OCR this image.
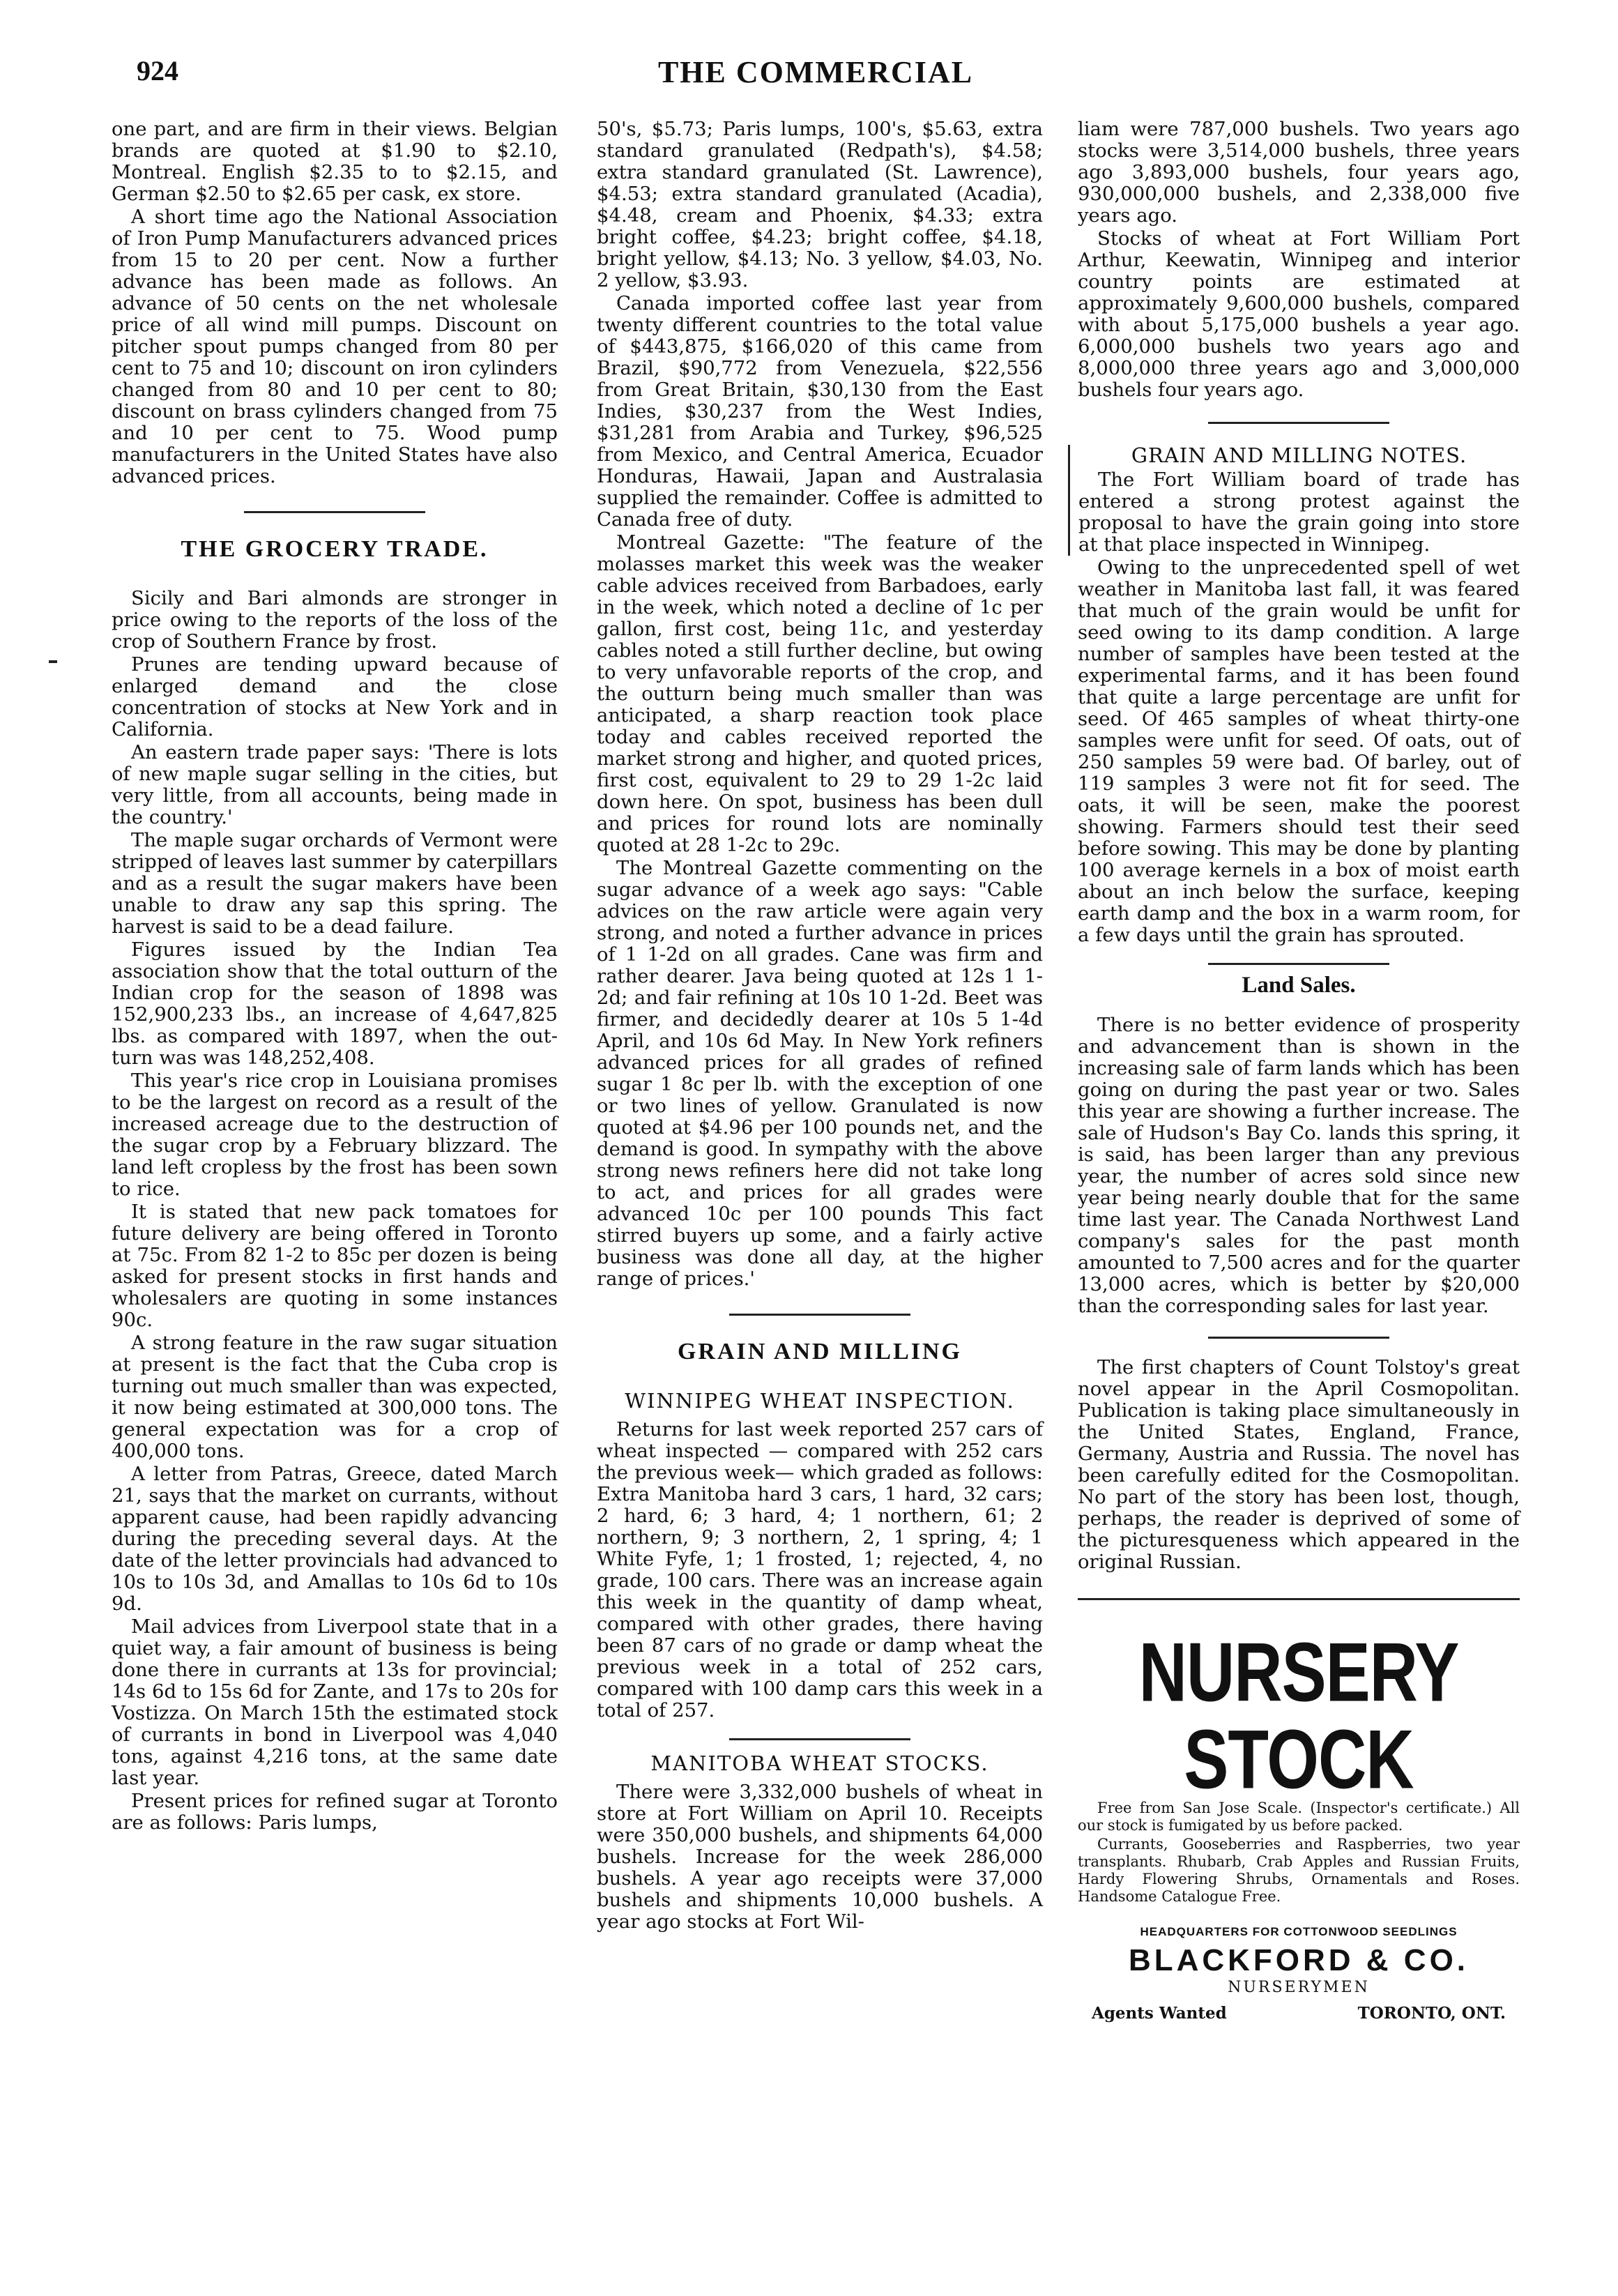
924	THE COMMERCIAL

one part, and are firm in their views. Belgian brands are quoted at $1.90 to $2.10, Montreal. English $2.35 to to $2.15, and German $2.50 to $2.65 per cask, ex store.

A short time ago the National Association of Iron Pump Manufacturers advanced prices from 15 to 20 per cent. Now a further advance has been made as follows. An advance of 50 cents on the net wholesale price of all wind mill pumps. Discount on pitcher spout pumps changed from 80 per cent to 75 and 10; discount on iron cylinders changed from 80 and 10 per cent to 80; discount on brass cylinders changed from 75 and 10 per cent to 75. Wood pump manufacturers in the United States have also advanced prices.

THE GROCERY TRADE.

Sicily and Bari almonds are stronger in price owing to the reports of the loss of the crop of Southern France by frost.

Prunes are tending upward because of enlarged demand and the close concentration of stocks at New York and in California.

An eastern trade paper says: 'There is lots of new maple sugar selling in the cities, but very little, from all accounts, being made in the country.'

The maple sugar orchards of Vermont were stripped of leaves last summer by caterpillars and as a result the sugar makers have been unable to draw any sap this spring. The harvest is said to be a dead failure.

Figures issued by the Indian Tea association show that the total outturn of the Indian crop for the season of 1898 was 152,900,233 lbs., an increase of 4,647,825 lbs. as compared with 1897, when the out-turn was was 148,252,408.

This year's rice crop in Louisiana promises to be the largest on record as a result of the increased acreage due to the destruction of the sugar crop by a February blizzard. The land left cropless by the frost has been sown to rice.

It is stated that new pack tomatoes for future delivery are being offered in Toronto at 75c. From 82 1-2 to 85c per dozen is being asked for present stocks in first hands and wholesalers are quoting in some instances 90c.

A strong feature in the raw sugar situation at present is the fact that the Cuba crop is turning out much smaller than was expected, it now being estimated at 300,000 tons. The general expectation was for a crop of 400,000 tons.

A letter from Patras, Greece, dated March 21, says that the market on currants, without apparent cause, had been rapidly advancing during the preceding several days. At the date of the letter provincials had advanced to 10s to 10s 3d, and Amallas to 10s 6d to 10s 9d.

Mail advices from Liverpool state that in a quiet way, a fair amount of business is being done there in currants at 13s for provincial; 14s 6d to 15s 6d for Zante, and 17s to 20s for Vostizza. On March 15th the estimated stock of currants in bond in Liverpool was 4,040 tons, against 4,216 tons, at the same date last year.

Present prices for refined sugar at Toronto are as follows: Paris lumps,

50's, $5.73; Paris lumps, 100's, $5.63, extra standard granulated (Redpath's), $4.58; extra standard granulated (St. Lawrence), $4.53; extra standard granulated (Acadia), $4.48, cream and Phoenix, $4.33; extra bright coffee, $4.23; bright coffee, $4.18, bright yellow, $4.13; No. 3 yellow, $4.03, No. 2 yellow, $3.93.

Canada imported coffee last year from twenty different countries to the total value of $443,875, $166,020 of this came from Brazil, $90,772 from Venezuela, $22,556 from Great Britain, $30,130 from the East Indies, $30,237 from the West Indies, $31,281 from Arabia and Turkey, $96,525 from Mexico, and Central America, Ecuador Honduras, Hawaii, Japan and Australasia supplied the remainder. Coffee is admitted to Canada free of duty.

Montreal Gazette: "The feature of the molasses market this week was the weaker cable advices received from Barbadoes, early in the week, which noted a decline of 1c per gallon, first cost, being 11c, and yesterday cables noted a still further decline, but owing to very unfavorable reports of the crop, and the outturn being much smaller than was anticipated, a sharp reaction took place today and cables received reported the market strong and higher, and quoted prices, first cost, equivalent to 29 to 29 1-2c laid down here. On spot, business has been dull and prices for round lots are nominally quoted at 28 1-2c to 29c.

The Montreal Gazette commenting on the sugar advance of a week ago says: "Cable advices on the raw article were again very strong, and noted a further advance in prices of 1 1-2d on all grades. Cane was firm and rather dearer. Java being quoted at 12s 1 1-2d; and fair refining at 10s 10 1-2d. Beet was firmer, and decidedly dearer at 10s 5 1-4d April, and 10s 6d May. In New York refiners advanced prices for all grades of refined sugar 1 8c per lb. with the exception of one or two lines of yellow. Granulated is now quoted at $4.96 per 100 pounds net, and the demand is good. In sympathy with the above strong news refiners here did not take long to act, and prices for all grades were advanced 10c per 100 pounds This fact stirred buyers up some, and a fairly active business was done all day, at the higher range of prices.'

GRAIN AND MILLING
WINNIPEG WHEAT INSPECTION.

Returns for last week reported 257 cars of wheat inspected — compared with 252 cars the previous week— which graded as follows: Extra Manitoba hard 3 cars, 1 hard, 32 cars; 2 hard, 6; 3 hard, 4; 1 northern, 61; 2 northern, 9; 3 northern, 2, 1 spring, 4; 1 White Fyfe, 1; 1 frosted, 1; rejected, 4, no grade, 100 cars. There was an increase again this week in the quantity of damp wheat, compared with other grades, there having been 87 cars of no grade or damp wheat the previous week in a total of 252 cars, compared with 100 damp cars this week in a total of 257.

MANITOBA WHEAT STOCKS.

There were 3,332,000 bushels of wheat in store at Fort William on April 10. Receipts were 350,000 bushels, and shipments 64,000 bushels. Increase for the week 286,000 bushels. A year ago receipts were 37,000 bushels and shipments 10,000 bushels. A year ago stocks at Fort Wil-

liam were 787,000 bushels. Two years ago stocks were 3,514,000 bushels, three years ago 3,893,000 bushels, four years ago, 930,000,000 bushels, and 2,338,000 five years ago.

Stocks of wheat at Fort William Port Arthur, Keewatin, Winnipeg and interior country points are estimated at approximately 9,600,000 bushels, compared with about 5,175,000 bushels a year ago. 6,000,000 bushels two years ago and 8,000,000 three years ago and 3,000,000 bushels four years ago.

GRAIN AND MILLING NOTES.

The Fort William board of trade has entered a strong protest against the proposal to have the grain going into store at that place inspected in Winnipeg.

Owing to the unprecedented spell of wet weather in Manitoba last fall, it was feared that much of the grain would be unfit for seed owing to its damp condition. A large number of samples have been tested at the experimental farms, and it has been found that quite a large percentage are unfit for seed. Of 465 samples of wheat thirty-one samples were unfit for seed. Of oats, out of 250 samples 59 were bad. Of barley, out of 119 samples 3 were not fit for seed. The oats, it will be seen, make the poorest showing. Farmers should test their seed before sowing. This may be done by planting 100 average kernels in a box of moist earth about an inch below the surface, keeping earth damp and the box in a warm room, for a few days until the grain has sprouted.

Land Sales.

There is no better evidence of prosperity and advancement than is shown in the increasing sale of farm lands which has been going on during the past year or two. Sales this year are showing a further increase. The sale of Hudson's Bay Co. lands this spring, it is said, has been larger than any previous year, the number of acres sold since new year being nearly double that for the same time last year. The Canada Northwest Land company's sales for the past month amounted to 7,500 acres and for the quarter 13,000 acres, which is better by $20,000 than the corresponding sales for last year.

The first chapters of Count Tolstoy's great novel appear in the April Cosmopolitan. Publication is taking place simultaneously in the United States, England, France, Germany, Austria and Russia. The novel has been carefully edited for the Cosmopolitan. No part of the story has been lost, though, perhaps, the reader is deprived of some of the picturesqueness which appeared in the original Russian.

NURSERY STOCK

Free from San Jose Scale. (Inspector's certificate.) All our stock is fumigated by us before packed.

Currants, Gooseberries and Raspberries, two year transplants. Rhubarb, Crab Apples and Russian Fruits, Hardy Flowering Shrubs, Ornamentals and Roses. Handsome Catalogue Free.

HEADQUARTERS FOR COTTONWOOD SEEDLINGS
BLACKFORD & CO.
NURSERYMEN
Agents Wanted	TORONTO, ONT.
